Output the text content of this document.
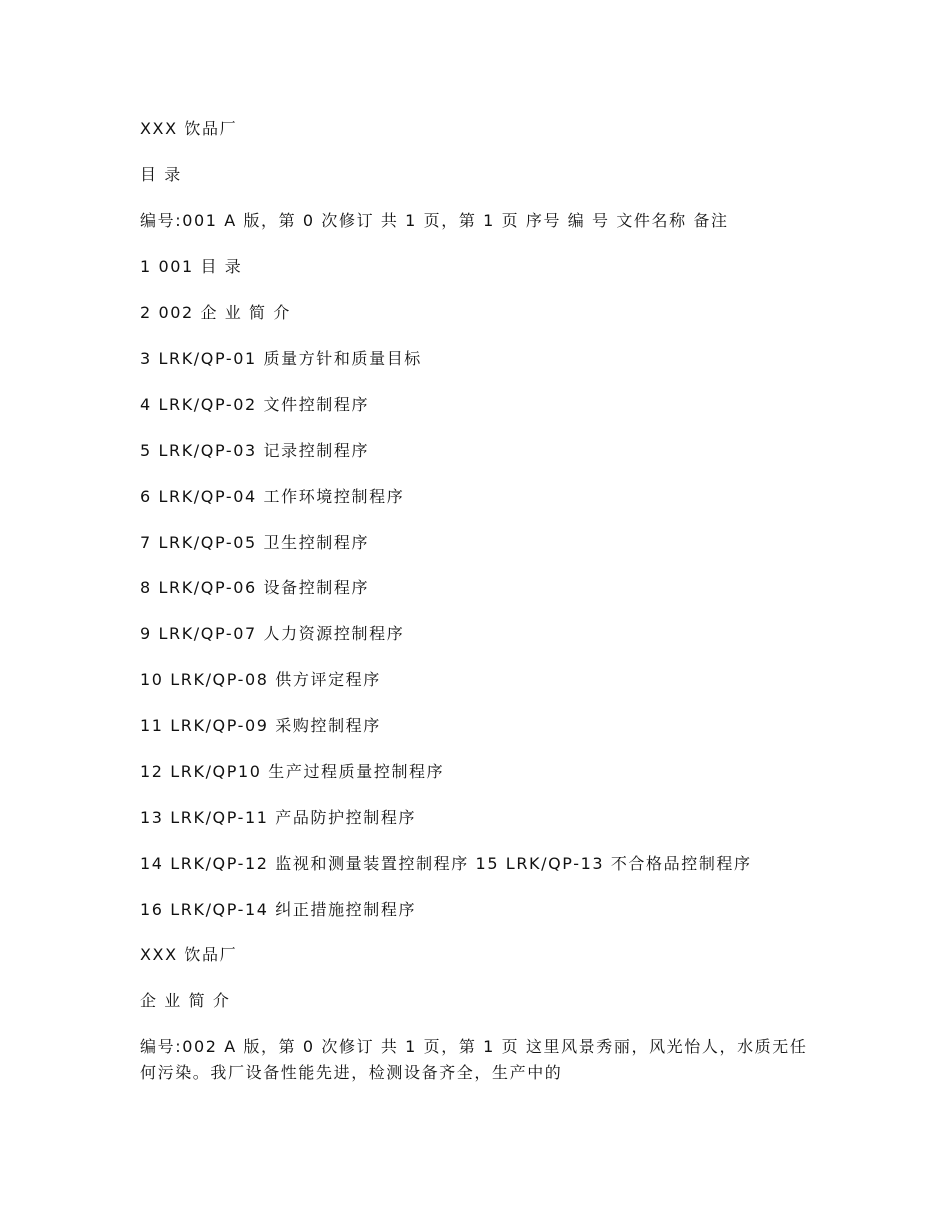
XXX 饮品厂
目 录
编号:001 A 版，第 0 次修订 共 1 页，第 1 页 序号 编 号 文件名称 备注
1 001 目 录
2 002 企 业 简 介
3 LRK/QP-01 质量方针和质量目标
4 LRK/QP-02 文件控制程序
5 LRK/QP-03 记录控制程序
6 LRK/QP-04 工作环境控制程序
7 LRK/QP-05 卫生控制程序
8 LRK/QP-06 设备控制程序
9 LRK/QP-07 人力资源控制程序
10 LRK/QP-08 供方评定程序
11 LRK/QP-09 采购控制程序
12 LRK/QP10 生产过程质量控制程序
13 LRK/QP-11 产品防护控制程序
14 LRK/QP-12 监视和测量装置控制程序 15 LRK/QP-13 不合格品控制程序
16 LRK/QP-14 纠正措施控制程序
XXX 饮品厂
企 业 简 介
编号:002 A 版，第 0 次修订 共 1 页，第 1 页 这里风景秀丽，风光怡人，水质无任何污染。我厂设备性能先进，检测设备齐全，生产中的
